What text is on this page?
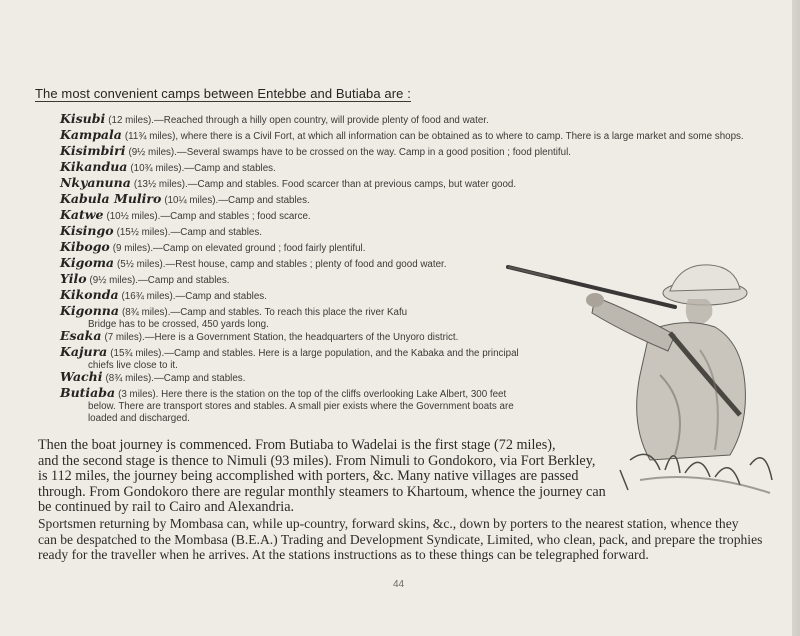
The most convenient camps between Entebbe and Butiaba are :
Kisubi (12 miles).—Reached through a hilly open country, will provide plenty of food and water.
Kampala (11¾ miles), where there is a Civil Fort, at which all information can be obtained as to where to camp. There is a large market and some shops.
Kisimbiri (9½ miles).—Several swamps have to be crossed on the way. Camp in a good position ; food plentiful.
Kikandua (10¾ miles).—Camp and stables.
Nkyanuna (13½ miles).—Camp and stables. Food scarcer than at previous camps, but water good.
Kabula Muliro (10¼ miles).—Camp and stables.
Katwe (10½ miles).—Camp and stables ; food scarce.
Kisingo (15½ miles).—Camp and stables.
Kibogo (9 miles).—Camp on elevated ground ; food fairly plentiful.
Kigoma (5½ miles).—Rest house, camp and stables ; plenty of food and good water.
Yilo (9½ miles).—Camp and stables.
Kikonda (16¾ miles).—Camp and stables.
Kigonna (8¾ miles).—Camp and stables. To reach this place the river Kafu
Bridge has to be crossed, 450 yards long.
Esaka (7 miles).—Here is a Government Station, the headquarters of the Unyoro district.
Kajura (15¾ miles).—Camp and stables. Here is a large population, and the Kabaka and the principal
chiefs live close to it.
Wachi (8¾ miles).—Camp and stables.
Butiaba (3 miles). Here there is the station on the top of the cliffs overlooking Lake Albert, 300 feet
below. There are transport stores and stables. A small pier exists where the Government boats are
loaded and discharged.
Then the boat journey is commenced. From Butiaba to Wadelai is the first stage (72 miles),
and the second stage is thence to Nimuli (93 miles). From Nimuli to Gondokoro, via Fort Berkley,
is 112 miles, the journey being accomplished with porters, &c. Many native villages are passed
through. From Gondokoro there are regular monthly steamers to Khartoum, whence the journey can
be continued by rail to Cairo and Alexandria.
Sportsmen returning by Mombasa can, while up-country, forward skins, &c., down by porters to the nearest station, whence they
can be despatched to the Mombasa (B.E.A.) Trading and Development Syndicate, Limited, who clean, pack, and prepare the trophies
ready for the traveller when he arrives. At the stations instructions as to these things can be telegraphed forward.
44
